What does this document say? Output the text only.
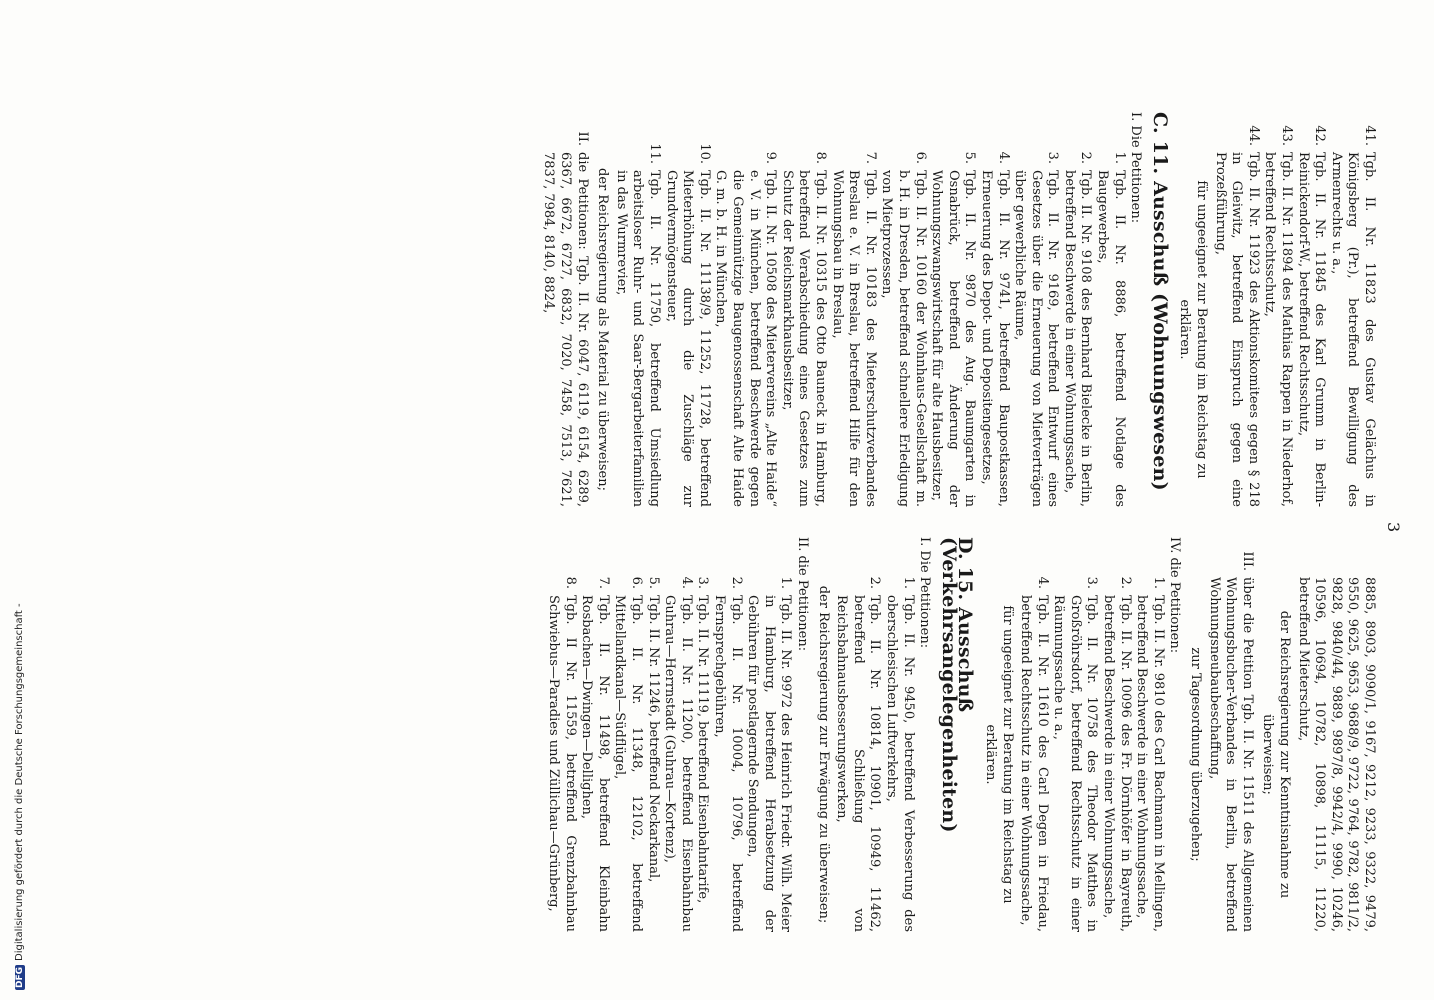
3

41.
Tgb. II. Nr. 11823 des Gustav Gelächus in Königsberg (Pr.), betreffend Bewilligung des Armenrechts u. a.,

42.
Tgb. II. Nr. 11845 des Karl Grumm in Berlin-Reinickendorf-W., betreffend Rechtsschutz,

43.
Tgb. II. Nr. 11894 des Mathias Rappen in Niederhof, betreffend Rechtsschutz,

44.
Tgb. II. Nr. 11923 des Aktionskomitees gegen § 218 in Gleiwitz, betreffend Einspruch gegen eine Prozeßführung,

für ungeeignet zur Beratung im Reichstag zu erklären.

C. 11. Ausschuß (Wohnungswesen)

I. Die Petitionen:

1.
Tgb. II. Nr. 8886, betreffend Notlage des Baugewerbes,

2.
Tgb. II. Nr. 9108 des Bernhard Bielecke in Berlin, betreffend Beschwerde in einer Wohnungssache,

3.
Tgb. II. Nr. 9169, betreffend Entwurf eines Gesetzes über die Erneuerung von Mietverträgen über gewerbliche Räume,

4.
Tgb. II. Nr. 9741, betreffend Baupostkassen, Erneuerung des Depot- und Depositengesetzes,

5.
Tgb. II. Nr. 9870 des Aug. Baumgarten in Osnabrück, betreffend Änderung der Wohnungszwangswirtschaft für alte Hausbesitzer,

6.
Tgb. II. Nr. 10160 der Wohnhaus-Gesellschaft m. b. H. in Dresden, betreffend schnellere Erledigung von Mietprozessen,

7.
Tgb. II. Nr. 10183 des Mieterschutzverbandes Breslau e. V. in Breslau, betreffend Hilfe für den Wohnungsbau in Breslau,

8.
Tgb. II. Nr. 10315 des Otto Bauneck in Hamburg, betreffend Verabschiedung eines Gesetzes zum Schutz der Reichsmarkhausbesitzer,

9.
Tgb. II. Nr. 10508 des Mietervereins „Alte Haide“ e. V. in München, betreffend Beschwerde gegen die Gemeinnützige Baugenossenschaft Alte Haide G. m. b. H. in München,

10.
Tgb. II. Nr. 11138/9, 11252, 11728, betreffend Mieterhöhung durch die Zuschläge zur Grundvermögensteuer,

11.
Tgb. II. Nr. 11750, betreffend Umsiedlung arbeitsloser Ruhr- und Saar-Bergarbeiterfamilien in das Wurmrevier,

der Reichsregierung als Material zu überweisen;

II.
die Petitionen: Tgb. II. Nr. 6047, 6119, 6154, 6289, 6367, 6672, 6727, 6832, 7020, 7458, 7513, 7621, 7837, 7984, 8140, 8824,

8885, 8903, 9090/1, 9167, 9212, 9233, 9322, 9479, 9550, 9625, 9653, 9688/9, 9722, 9764, 9782, 9811/2, 9828, 9840/44, 9889, 9897/8, 9942/4, 9990, 10246, 10596, 10694, 10782, 10898, 11115, 11220, betreffend Mieterschutz,

der Reichsregierung zur Kenntnisnahme zu überweisen;

III.
über die Petition Tgb. II. Nr. 11511 des Allgemeinen Wohnungsbucher-Verbandes in Berlin, betreffend Wohnungsneubaubeschaffung,

zur Tagesordnung überzugehen;

IV. die Petitionen:

1.
Tgb. II. Nr. 9810 des Carl Bachmann in Mellingen, betreffend Beschwerde in einer Wohnungssache,

2.
Tgb. II. Nr. 10096 des Fr. Dörnhöfer in Bayreuth, betreffend Beschwerde in einer Wohnungssache,

3.
Tgb. II. Nr. 10758 des Theodor Matthes in Großröhrsdorf, betreffend Rechtsschutz in einer Räumungssache u. a.,

4.
Tgb. II. Nr. 11610 des Carl Degen in Friedau, betreffend Rechtsschutz in einer Wohnungssache,

für ungeeignet zur Beratung im Reichstag zu erklären.

D. 15. Ausschuß (Verkehrsangelegenheiten)

I. Die Petitionen:

1.
Tgb. II. Nr. 9450, betreffend Verbesserung des oberschlesischen Luftverkehrs,

2.
Tgb. II. Nr. 10814, 10901, 10949, 11462, betreffend Schließung von Reichsbahnausbesserungswerken,

der Reichsregierung zur Erwägung zu überweisen;

II. die Petitionen:

1.
Tgb. II. Nr. 9972 des Heinrich Friedr. Wilh. Meier in Hamburg, betreffend Herabsetzung der Gebühren für postlagernde Sendungen,

2.
Tgb. II. Nr. 10004, 10796, betreffend Fernsprechgebühren,

3.
Tgb. II. Nr. 11119, betreffend Eisenbahntarife,

4.
Tgb. II. Nr. 11200, betreffend Eisenbahnbau Guhrau—Herrnstadt (Guhrau—Kortenz),

5.
Tgb. II. Nr. 11246, betreffend Neckarkanal,

6.
Tgb. II. Nr. 11348, 12102, betreffend Mittellandkanal—Südflügel,

7.
Tgb. II. Nr. 11498, betreffend Kleinbahn Rosbachen—Dwingen—Dellighen,

8.
Tgb. II Nr. 11559, betreffend Grenzbahnbau Schwiebus—Paradies und Züllichau—Grünberg,

DFGDigitalisierung gefördert durch die Deutsche Forschungsgemeinschaft -
